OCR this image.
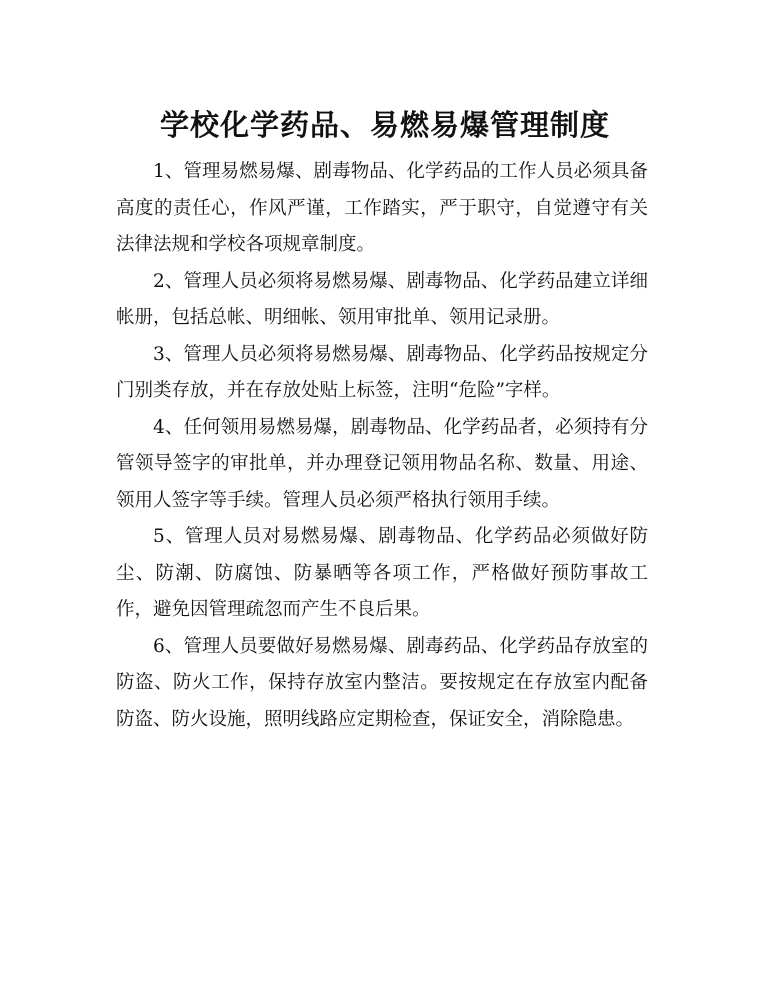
学校化学药品、易燃易爆管理制度

1、管理易燃易爆、剧毒物品、化学药品的工作人员必须具备高度的责任心，作风严谨，工作踏实，严于职守，自觉遵守有关法律法规和学校各项规章制度。

2、管理人员必须将易燃易爆、剧毒物品、化学药品建立详细帐册，包括总帐、明细帐、领用审批单、领用记录册。

3、管理人员必须将易燃易爆、剧毒物品、化学药品按规定分门别类存放，并在存放处贴上标签，注明“危险”字样。

4、任何领用易燃易爆，剧毒物品、化学药品者，必须持有分管领导签字的审批单，并办理登记领用物品名称、数量、用途、领用人签字等手续。管理人员必须严格执行领用手续。

5、管理人员对易燃易爆、剧毒物品、化学药品必须做好防尘、防潮、防腐蚀、防暴晒等各项工作，严格做好预防事故工作，避免因管理疏忽而产生不良后果。

6、管理人员要做好易燃易爆、剧毒药品、化学药品存放室的防盗、防火工作，保持存放室内整洁。要按规定在存放室内配备防盗、防火设施，照明线路应定期检查，保证安全，消除隐患。
